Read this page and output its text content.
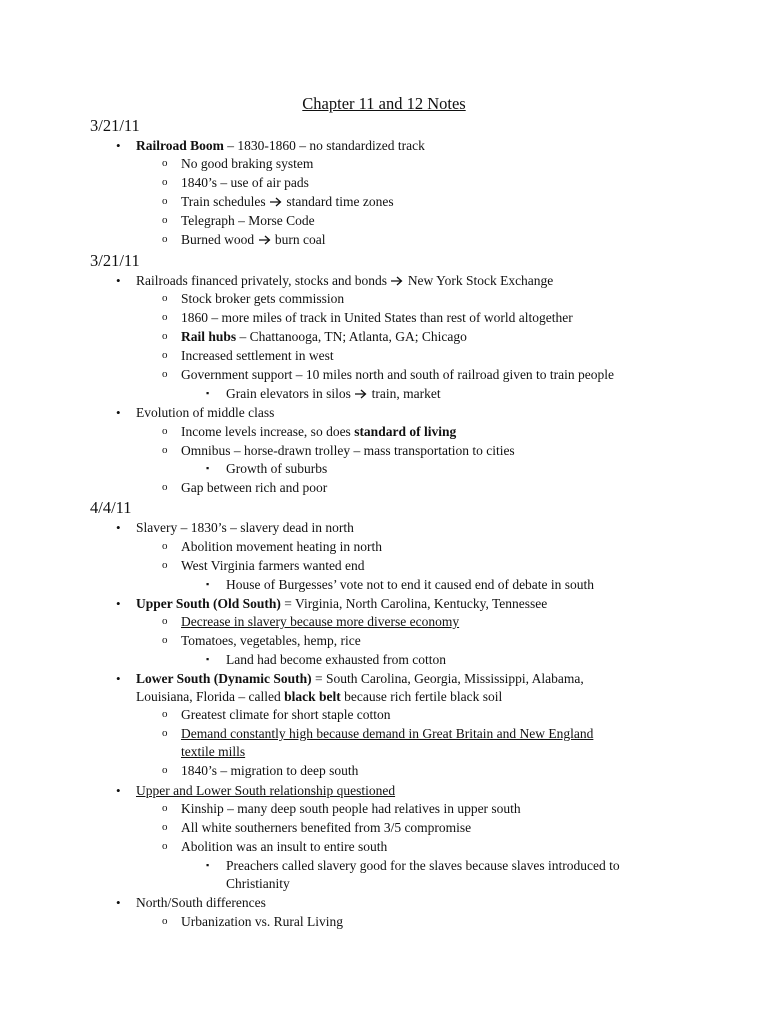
Chapter 11 and 12 Notes
3/21/11
• Railroad Boom – 1830-1860 – no standardized track
o No good braking system
o 1840’s – use of air pads
o Train schedules  standard time zones
o Telegraph – Morse Code
o Burned wood  burn coal
3/21/11
• Railroads financed privately, stocks and bonds  New York Stock Exchange
o Stock broker gets commission
o 1860 – more miles of track in United States than rest of world altogether
o Rail hubs – Chattanooga, TN; Atlanta, GA; Chicago
o Increased settlement in west
o Government support – 10 miles north and south of railroad given to train people
▪ Grain elevators in silos  train, market
• Evolution of middle class
o Income levels increase, so does standard of living
o Omnibus – horse-drawn trolley – mass transportation to cities
▪ Growth of suburbs
o Gap between rich and poor
4/4/11
• Slavery – 1830’s – slavery dead in north
o Abolition movement heating in north
o West Virginia farmers wanted end
▪ House of Burgesses’ vote not to end it caused end of debate in south
• Upper South (Old South) = Virginia, North Carolina, Kentucky, Tennessee
o Decrease in slavery because more diverse economy
o Tomatoes, vegetables, hemp, rice
▪ Land had become exhausted from cotton
• Lower South (Dynamic South) = South Carolina, Georgia, Mississippi, Alabama,
Louisiana, Florida – called black belt because rich fertile black soil
o Greatest climate for short staple cotton
o Demand constantly high because demand in Great Britain and New England
textile mills
o 1840’s – migration to deep south
• Upper and Lower South relationship questioned
o Kinship – many deep south people had relatives in upper south
o All white southerners benefited from 3/5 compromise
o Abolition was an insult to entire south
▪ Preachers called slavery good for the slaves because slaves introduced to
Christianity
• North/South differences
o Urbanization vs. Rural Living
